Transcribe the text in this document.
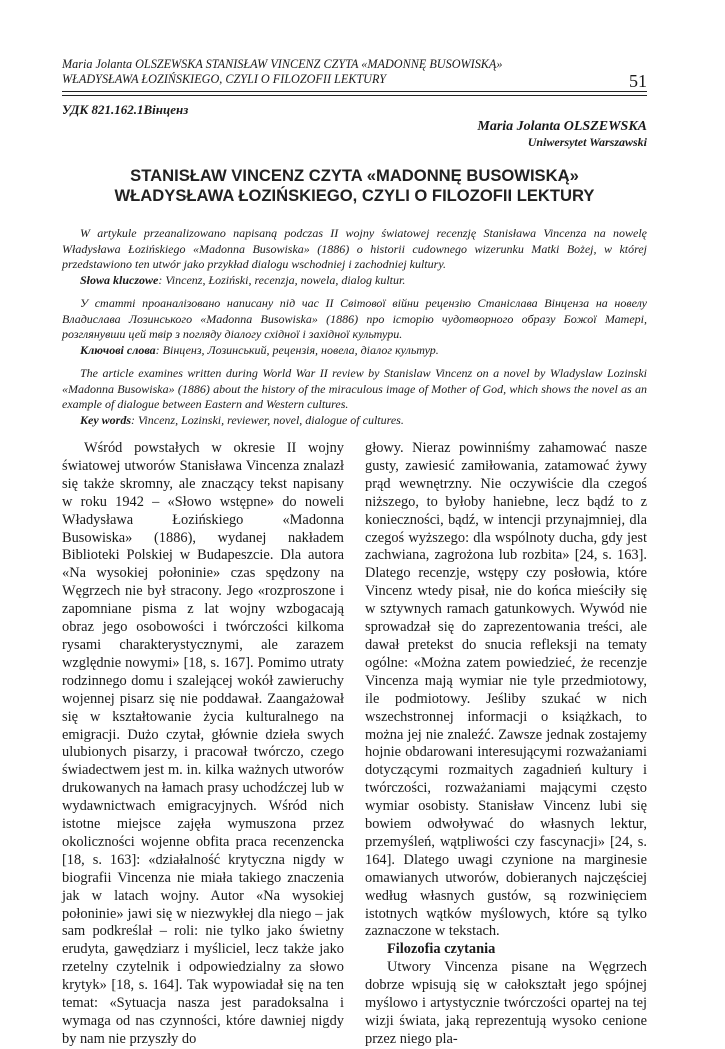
Maria Jolanta OLSZEWSKA STANISŁAW VINCENZ CZYTA «MADONNĘ BUSOWISKĄ»
WŁADYSŁAWA ŁOZIŃSKIEGO, CZYLI O FILOZOFII LEKTURY	51
УДК 821.162.1Вінценз
Maria Jolanta OLSZEWSKA
Uniwersytet Warszawski
STANISŁAW VINCENZ CZYTA «MADONNĘ BUSOWISKĄ»
WŁADYSŁAWA ŁOZIŃSKIEGO, CZYLI O FILOZOFII LEKTURY
W artykule przeanalizowano napisaną podczas II wojny światowej recenzję Stanisława Vincenza na nowelę Władysława Łozińskiego «Madonna Busowiska» (1886) o historii cudownego wizerunku Matki Bożej, w której przedstawiono ten utwór jako przykład dialogu wschodniej i zachodniej kultury.
Słowa kluczowe: Vincenz, Łoziński, recenzja, nowela, dialog kultur.
У статті проаналізовано написану під час II Світової війни рецензію Станіслава Вінценза на новелу Владислава Лозинського «Madonna Busowiska» (1886) про історію чудотворного образу Божої Матері, розглянувши цей твір з погляду діалогу східної і західної культури.
Ключові слова: Вінценз, Лозинський, рецензія, новела, діалог культур.
The article examines written during World War II review by Stanislaw Vincenz on a novel by Wladyslaw Lozinski «Madonna Busowiska» (1886) about the history of the miraculous image of Mother of God, which shows the novel as an example of dialogue between Eastern and Western cultures.
Key words: Vincenz, Lozinski, reviewer, novel, dialogue of cultures.

Wśród powstałych w okresie II wojny światowej utworów Stanisława Vincenza znalazł się także skromny, ale znaczący tekst napisany w roku 1942 – «Słowo wstępne» do noweli Władysława Łozińskiego «Madonna Busowiska» (1886), wydanej nakładem Biblioteki Polskiej w Budapeszcie. Dla autora «Na wysokiej połoninie» czas spędzony na Węgrzech nie był stracony. Jego «rozproszone i zapomniane pisma z lat wojny wzbogacają obraz jego osobowości i twórczości kilkoma rysami charakterystycznymi, ale zarazem względnie nowymi» [18, s. 167]. Pomimo utraty rodzinnego domu i szalejącej wokół zawieruchy wojennej pisarz się nie poddawał. Zaangażował się w kształtowanie życia kulturalnego na emigracji. Dużo czytał, głównie dzieła swych ulubionych pisarzy, i pracował twórczo, czego świadectwem jest m. in. kilka ważnych utworów drukowanych na łamach prasy uchodźczej lub w wydawnictwach emigracyjnych. Wśród nich istotne miejsce zajęła wymuszona przez okoliczności wojenne obfita praca recenzencka [18, s. 163]: «działalność krytyczna nigdy w biografii Vincenza nie miała takiego znaczenia jak w latach wojny. Autor «Na wysokiej połoninie» jawi się w niezwykłej dla niego – jak sam podkreślał – roli: nie tylko jako świetny erudyta, gawędziarz i myśliciel, lecz także jako rzetelny czytelnik i odpowiedzialny za słowo krytyk» [18, s. 164]. Tak wypowiadał się na ten temat: «Sytuacja nasza jest paradoksalna i wymaga od nas czynności, które dawniej nigdy by nam nie przyszły do

głowy. Nieraz powinniśmy zahamować nasze gusty, zawiesić zamiłowania, zatamować żywy prąd wewnętrzny. Nie oczywiście dla czegoś niższego, to byłoby haniebne, lecz bądź to z konieczności, bądź, w intencji przynajmniej, dla czegoś wyższego: dla wspólnoty ducha, gdy jest zachwiana, zagrożona lub rozbita» [24, s. 163]. Dlatego recenzje, wstępy czy posłowia, które Vincenz wtedy pisał, nie do końca mieściły się w sztywnych ramach gatunkowych. Wywód nie sprowadzał się do zaprezentowania treści, ale dawał pretekst do snucia refleksji na tematy ogólne: «Można zatem powiedzieć, że recenzje Vincenza mają wymiar nie tyle przedmiotowy, ile podmiotowy. Jeśliby szukać w nich wszechstronnej informacji o książkach, to można jej nie znaleźć. Zawsze jednak zostajemy hojnie obdarowani interesującymi rozważaniami dotyczącymi rozmaitych zagadnień kultury i twórczości, rozważaniami mającymi często wymiar osobisty. Stanisław Vincenz lubi się bowiem odwoływać do własnych lektur, przemyśleń, wątpliwości czy fascynacji» [24, s. 164]. Dlatego uwagi czynione na marginesie omawianych utworów, dobieranych najczęściej według własnych gustów, są rozwinięciem istotnych wątków myślowych, które są tylko zaznaczone w tekstach.

Filozofia czytania

Utwory Vincenza pisane na Węgrzech dobrze wpisują się w całokształt jego spójnej myślowo i artystycznie twórczości opartej na tej wizji świata, jaką reprezentują wysoko cenione przez niego pla-
